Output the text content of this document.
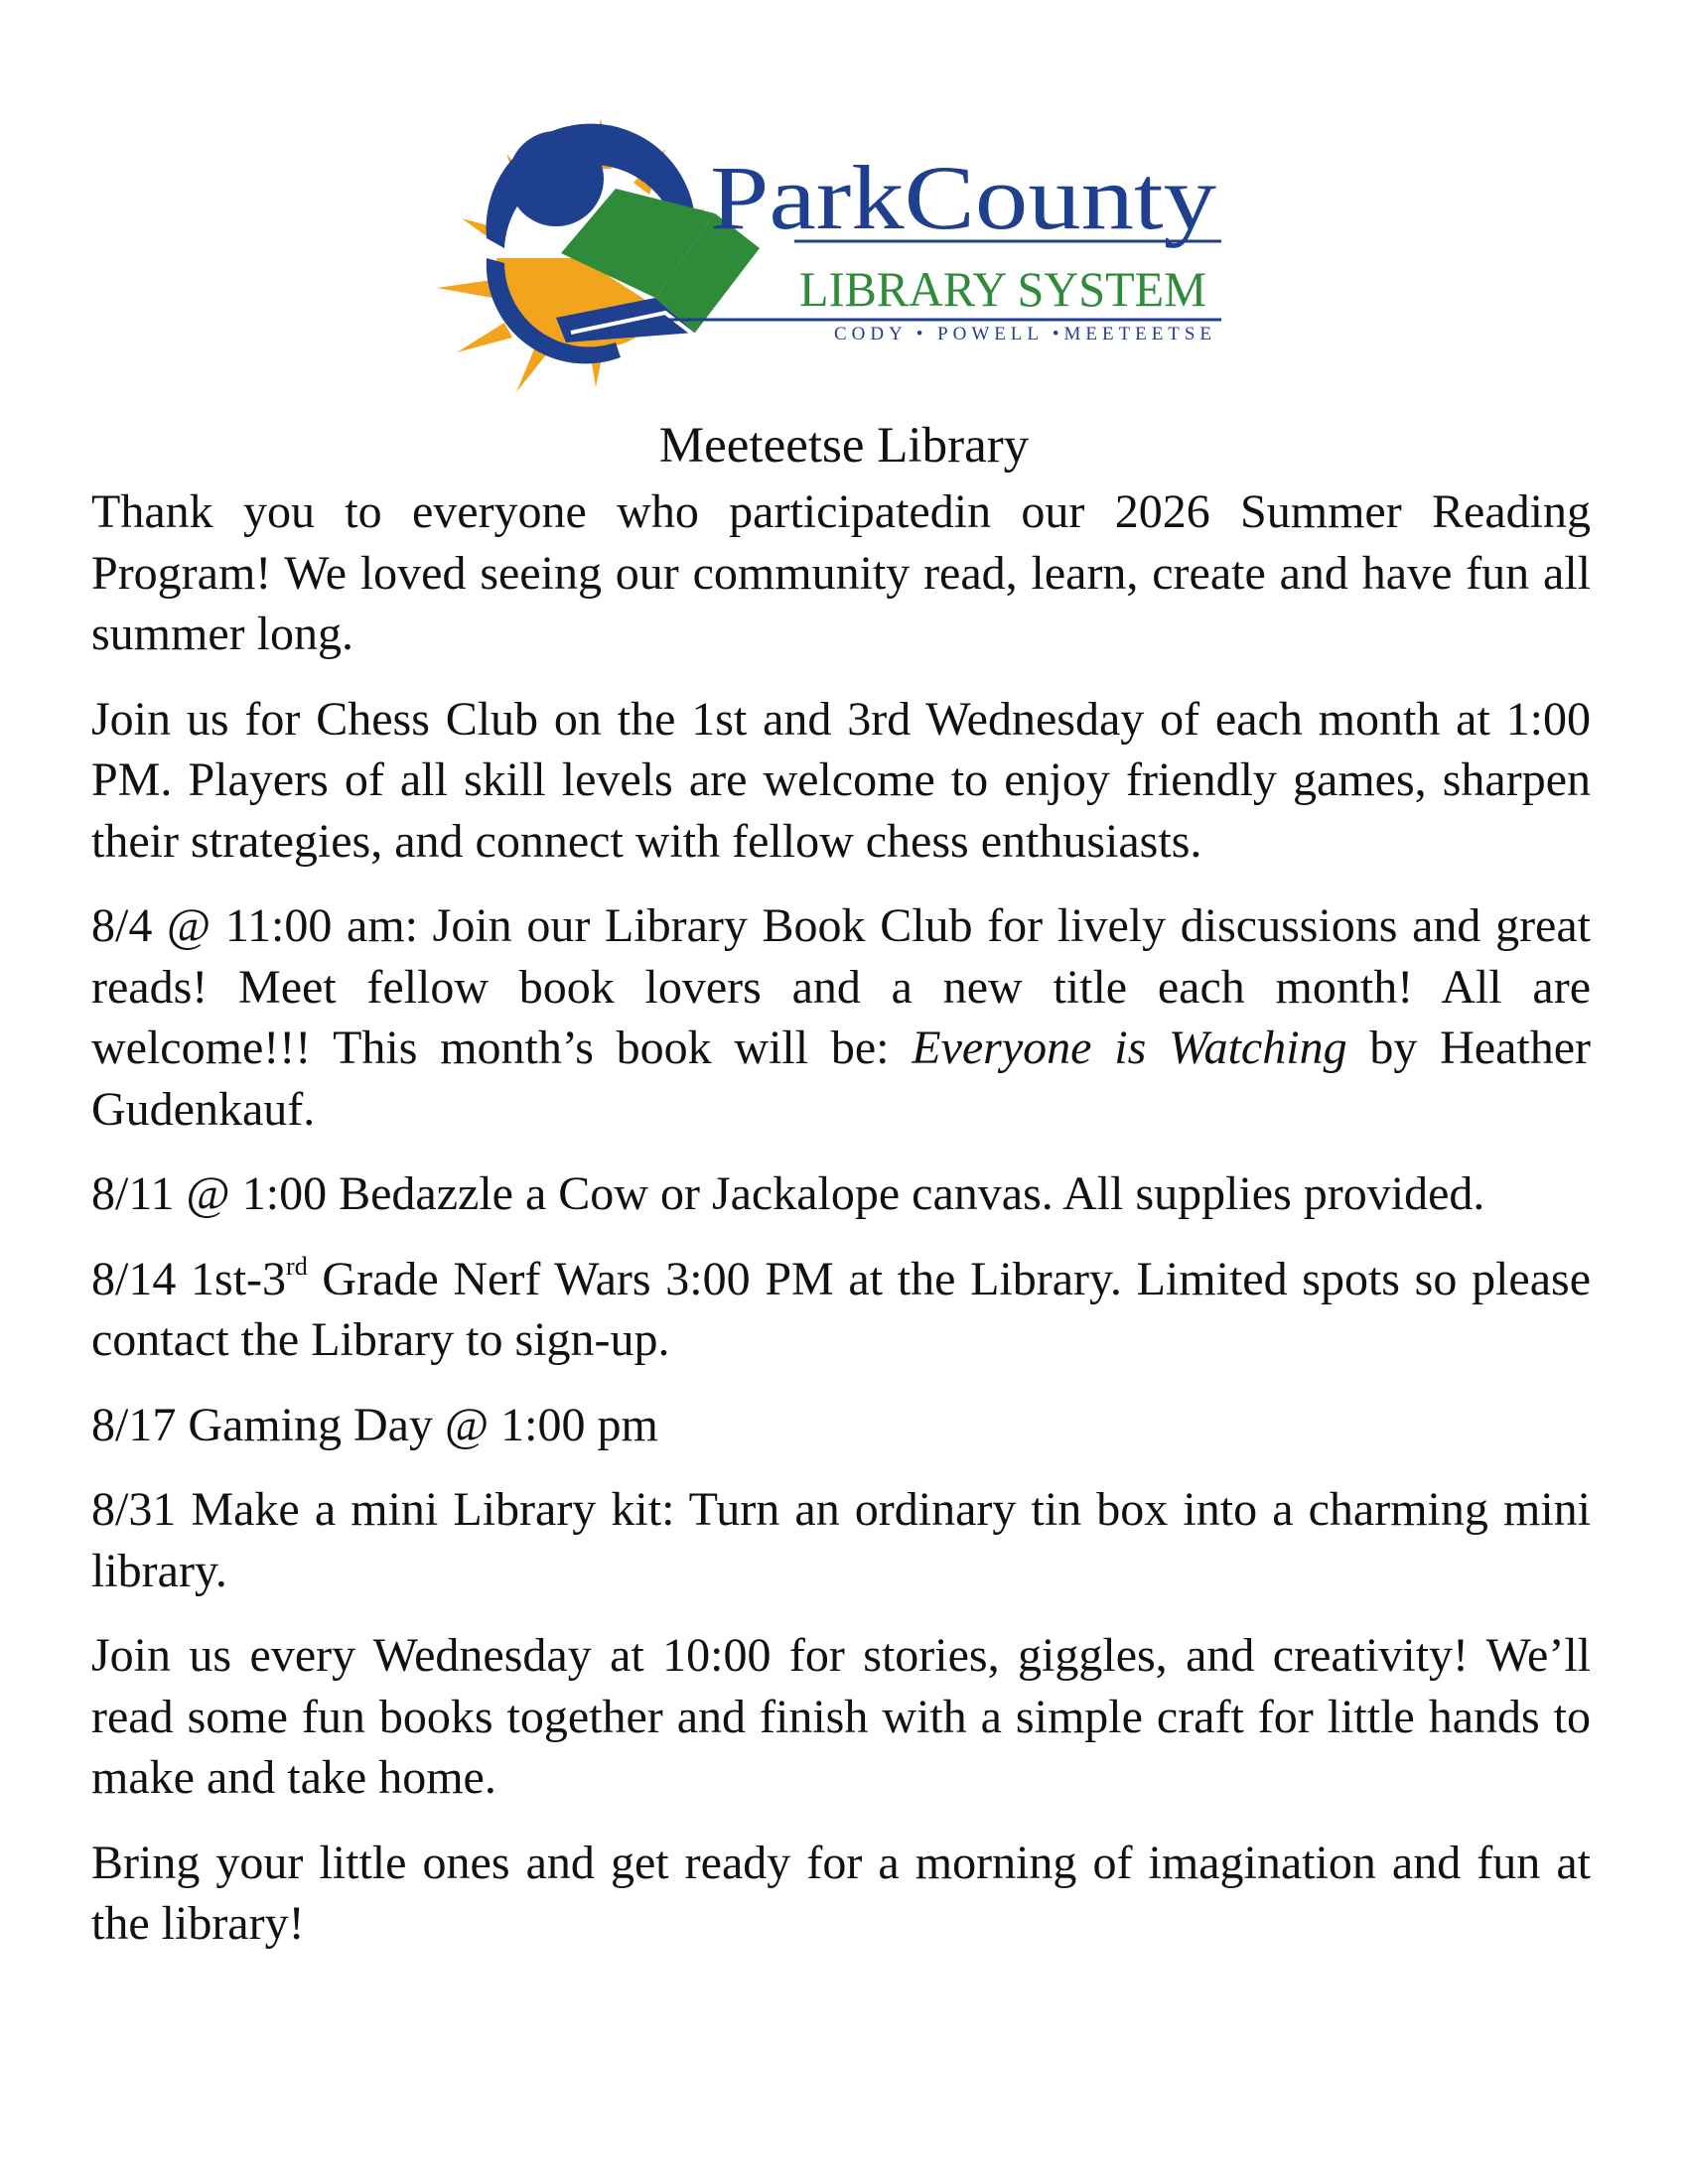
ParkCounty
LIBRARY SYSTEM
CODY • POWELL •MEETEETSE
Meeteetse Library

Thank you to everyone who participatedin our 2026 Summer Reading Program! We loved seeing our community read, learn, create and have fun all summer long.

Join us for Chess Club on the 1st and 3rd Wednesday of each month at 1:00 PM. Players of all skill levels are welcome to enjoy friendly games, sharpen their strategies, and connect with fellow chess enthusiasts.

8/4 @ 11:00 am: Join our Library Book Club for lively discussions and great reads! Meet fellow book lovers and a new title each month! All are welcome!!! This month’s book will be: Everyone is Watching by Heather Gudenkauf.

8/11 @ 1:00 Bedazzle a Cow or Jackalope canvas. All supplies provided.

8/14 1st-3rd Grade Nerf Wars 3:00 PM at the Library. Limited spots so please contact the Library to sign-up.

8/17 Gaming Day @ 1:00 pm

8/31 Make a mini Library kit: Turn an ordinary tin box into a charming mini library.

Join us every Wednesday at 10:00 for stories, giggles, and creativity! We’ll read some fun books together and finish with a simple craft for little hands to make and take home.

Bring your little ones and get ready for a morning of imagination and fun at the library!
